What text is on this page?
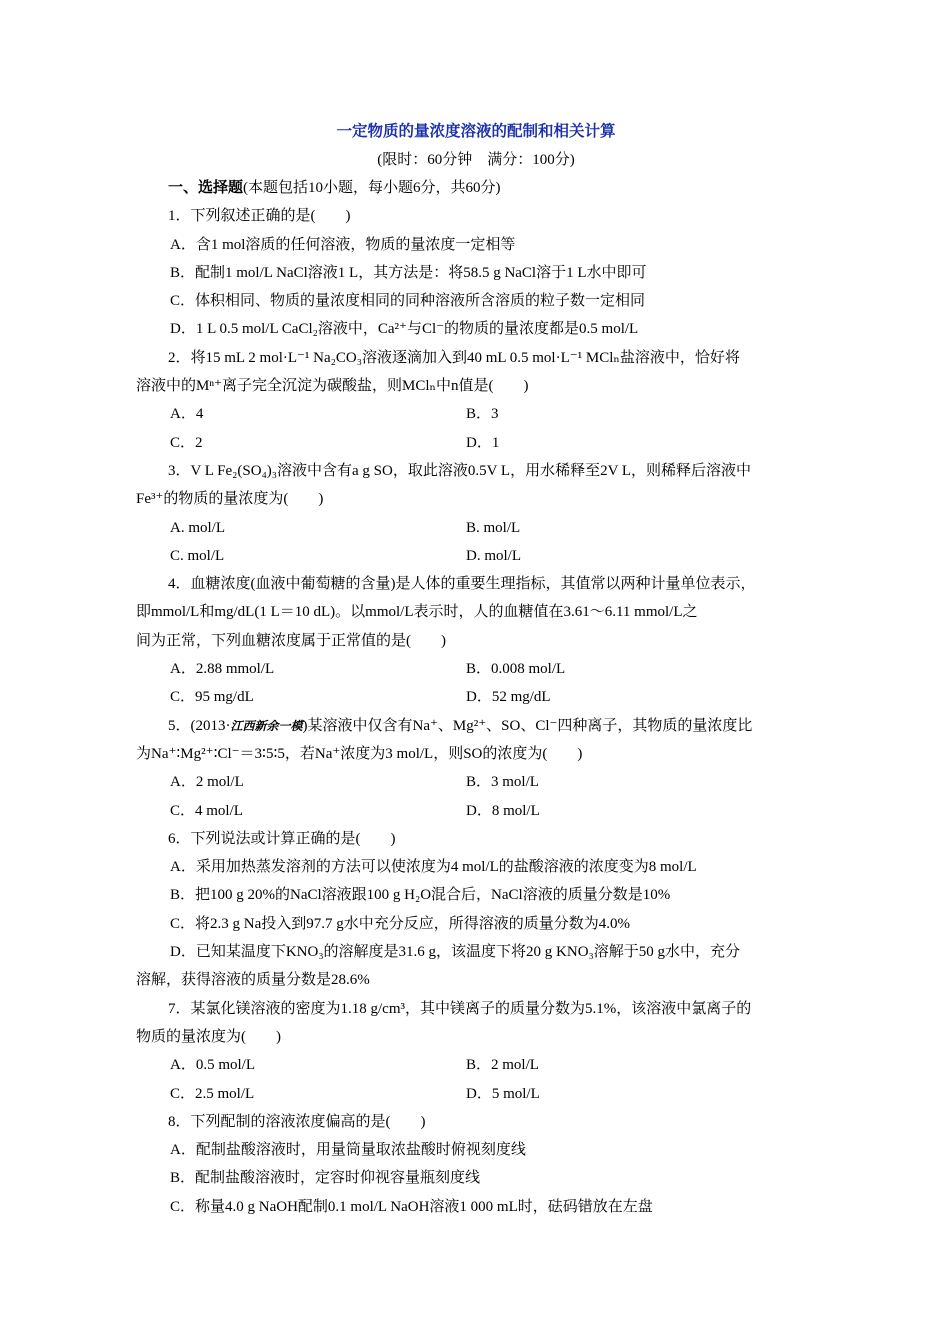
一定物质的量浓度溶液的配制和相关计算
(限时：60分钟　满分：100分)

一、选择题(本题包括10小题，每小题6分，共60分)

1．下列叙述正确的是(　　)

A．含1 mol溶质的任何溶液，物质的量浓度一定相等

B．配制1 mol/L NaCl溶液1 L，其方法是：将58.5 g NaCl溶于1 L水中即可

C．体积相同、物质的量浓度相同的同种溶液所含溶质的粒子数一定相同

D．1 L 0.5 mol/L CaCl₂溶液中，Ca²⁺与Cl⁻的物质的量浓度都是0.5 mol/L

2．将15 mL 2 mol·L⁻¹ Na₂CO₃溶液逐滴加入到40 mL 0.5 mol·L⁻¹ MClₙ盐溶液中，恰好将

溶液中的Mⁿ⁺离子完全沉淀为碳酸盐，则MClₙ中n值是(　　)

A．4	B．3
C．2	D．1

3．V L Fe₂(SO₄)₃溶液中含有a g SO，取此溶液0.5V L，用水稀释至2V L，则稀释后溶液中

Fe³⁺的物质的量浓度为(　　)

A. mol/L	B. mol/L
C. mol/L	D. mol/L

4．血糖浓度(血液中葡萄糖的含量)是人体的重要生理指标，其值常以两种计量单位表示，

即mmol/L和mg/dL(1 L＝10 dL)。以mmol/L表示时，人的血糖值在3.61～6.11 mmol/L之

间为正常，下列血糖浓度属于正常值的是(　　)

A．2.88 mmol/L	B．0.008 mol/L
C．95 mg/dL	D．52 mg/dL

5．(2013·江西新余一模)某溶液中仅含有Na⁺、Mg²⁺、SO、Cl⁻四种离子，其物质的量浓度比

为Na⁺∶Mg²⁺∶Cl⁻＝3∶5∶5，若Na⁺浓度为3 mol/L，则SO的浓度为(　　)

A．2 mol/L	B．3 mol/L
C．4 mol/L	D．8 mol/L

6．下列说法或计算正确的是(　　)

A．采用加热蒸发溶剂的方法可以使浓度为4 mol/L的盐酸溶液的浓度变为8 mol/L

B．把100 g 20%的NaCl溶液跟100 g H₂O混合后，NaCl溶液的质量分数是10%

C．将2.3 g Na投入到97.7 g水中充分反应，所得溶液的质量分数为4.0%

D．已知某温度下KNO₃的溶解度是31.6 g，该温度下将20 g KNO₃溶解于50 g水中，充分

溶解，获得溶液的质量分数是28.6%

7．某氯化镁溶液的密度为1.18 g/cm³，其中镁离子的质量分数为5.1%，该溶液中氯离子的

物质的量浓度为(　　)

A．0.5 mol/L	B．2 mol/L
C．2.5 mol/L	D．5 mol/L

8．下列配制的溶液浓度偏高的是(　　)

A．配制盐酸溶液时，用量筒量取浓盐酸时俯视刻度线

B．配制盐酸溶液时，定容时仰视容量瓶刻度线

C．称量4.0 g NaOH配制0.1 mol/L NaOH溶液1 000 mL时，砝码错放在左盘
